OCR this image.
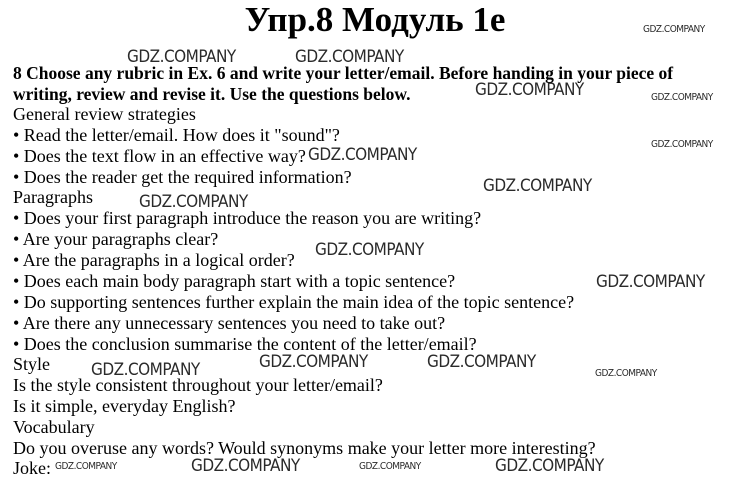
Упр.8 Модуль 1e
8 Choose any rubric in Ex. 6 and write your letter/email. Before handing in your piece of
writing, review and revise it. Use the questions below.
General review strategies
• Read the letter/email. How does it "sound"?
• Does the text flow in an effective way?
• Does the reader get the required information?
Paragraphs
• Does your first paragraph introduce the reason you are writing?
• Are your paragraphs clear?
• Are the paragraphs in a logical order?
• Does each main body paragraph start with a topic sentence?
• Do supporting sentences further explain the main idea of the topic sentence?
• Are there any unnecessary sentences you need to take out?
• Does the conclusion summarise the content of the letter/email?
Style
Is the style consistent throughout your letter/email?
Is it simple, everyday English?
Vocabulary
Do you overuse any words? Would synonyms make your letter more interesting?
Joke:
GDZ.COMPANY
GDZ.COMPANY	GDZ.COMPANY
GDZ.COMPANY	GDZ.COMPANY
GDZ.COMPANY
GDZ.COMPANY
GDZ.COMPANY
GDZ.COMPANY
GDZ.COMPANY
GDZ.COMPANY
GDZ.COMPANY	GDZ.COMPANY
GDZ.COMPANY	GDZ.COMPANY
GDZ.COMPANY	GDZ.COMPANY	GDZ.COMPANY	GDZ.COMPANY
